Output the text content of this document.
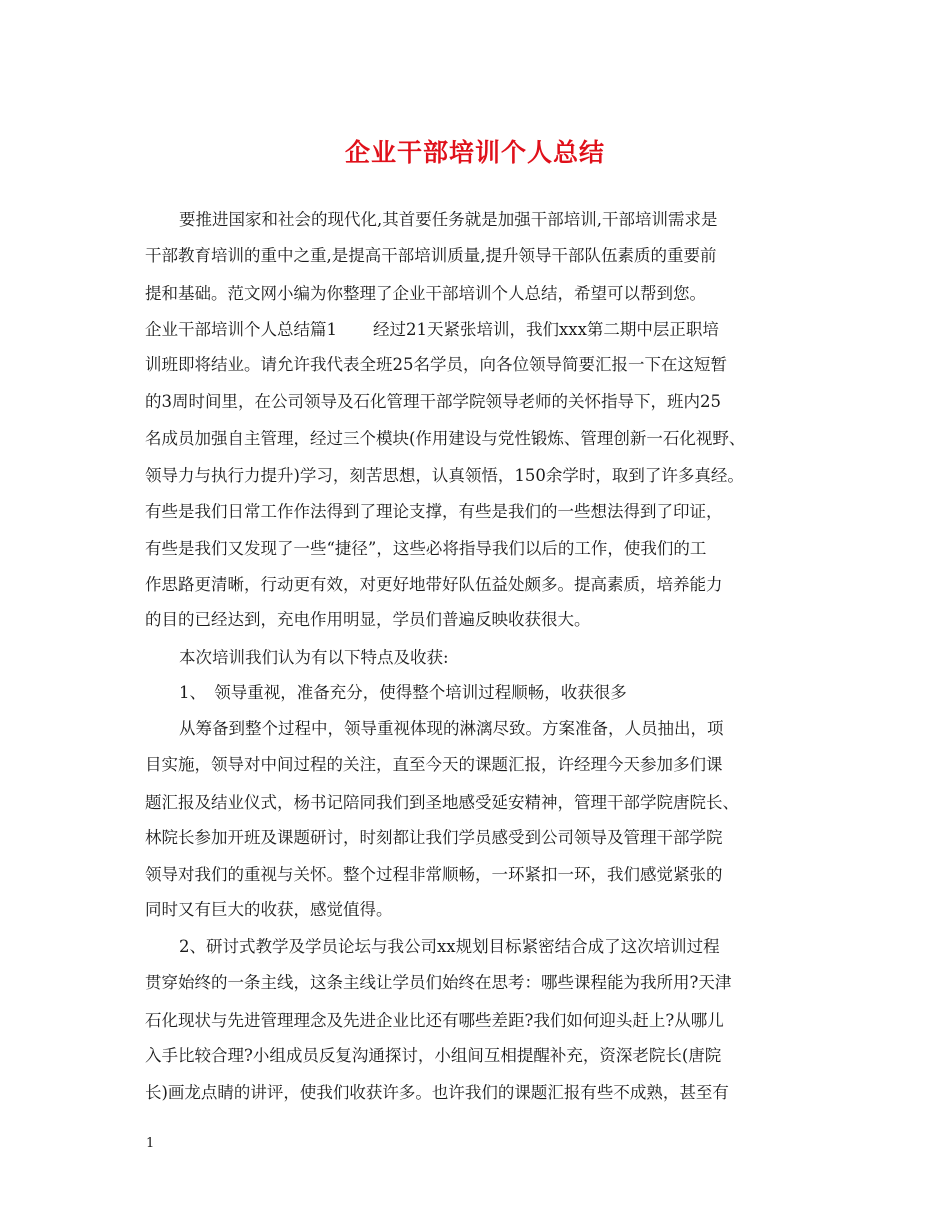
企业干部培训个人总结
要推进国家和社会的现代化,其首要任务就是加强干部培训,干部培训需求是
干部教育培训的重中之重,是提高干部培训质量,提升领导干部队伍素质的重要前
提和基础。范文网小编为你整理了企业干部培训个人总结，希望可以帮到您。
企业干部培训个人总结篇1 经过21天紧张培训，我们xxx第二期中层正职培
训班即将结业。请允许我代表全班25名学员，向各位领导简要汇报一下在这短暂
的3周时间里，在公司领导及石化管理干部学院领导老师的关怀指导下，班内25
名成员加强自主管理，经过三个模块(作用建设与党性锻炼、管理创新一石化视野、
领导力与执行力提升)学习，刻苦思想，认真领悟，150余学时，取到了许多真经。
有些是我们日常工作作法得到了理论支撑，有些是我们的一些想法得到了印证，
有些是我们又发现了一些“捷径”，这些必将指导我们以后的工作，使我们的工
作思路更清晰，行动更有效，对更好地带好队伍益处颇多。提高素质，培养能力
的目的已经达到，充电作用明显，学员们普遍反映收获很大。
本次培训我们认为有以下特点及收获:
1、　领导重视，准备充分，使得整个培训过程顺畅，收获很多
从筹备到整个过程中，领导重视体现的淋漓尽致。方案准备，人员抽出，项
目实施，领导对中间过程的关注，直至今天的课题汇报，许经理今天参加多们课
题汇报及结业仪式，杨书记陪同我们到圣地感受延安精神，管理干部学院唐院长、
林院长参加开班及课题研讨，时刻都让我们学员感受到公司领导及管理干部学院
领导对我们的重视与关怀。整个过程非常顺畅，一环紧扣一环，我们感觉紧张的
同时又有巨大的收获，感觉值得。
2、研讨式教学及学员论坛与我公司xx规划目标紧密结合成了这次培训过程
贯穿始终的一条主线，这条主线让学员们始终在思考：哪些课程能为我所用?天津
石化现状与先进管理理念及先进企业比还有哪些差距?我们如何迎头赶上?从哪儿
入手比较合理?小组成员反复沟通探讨，小组间互相提醒补充，资深老院长(唐院
长)画龙点睛的讲评，使我们收获许多。也许我们的课题汇报有些不成熟，甚至有
1
